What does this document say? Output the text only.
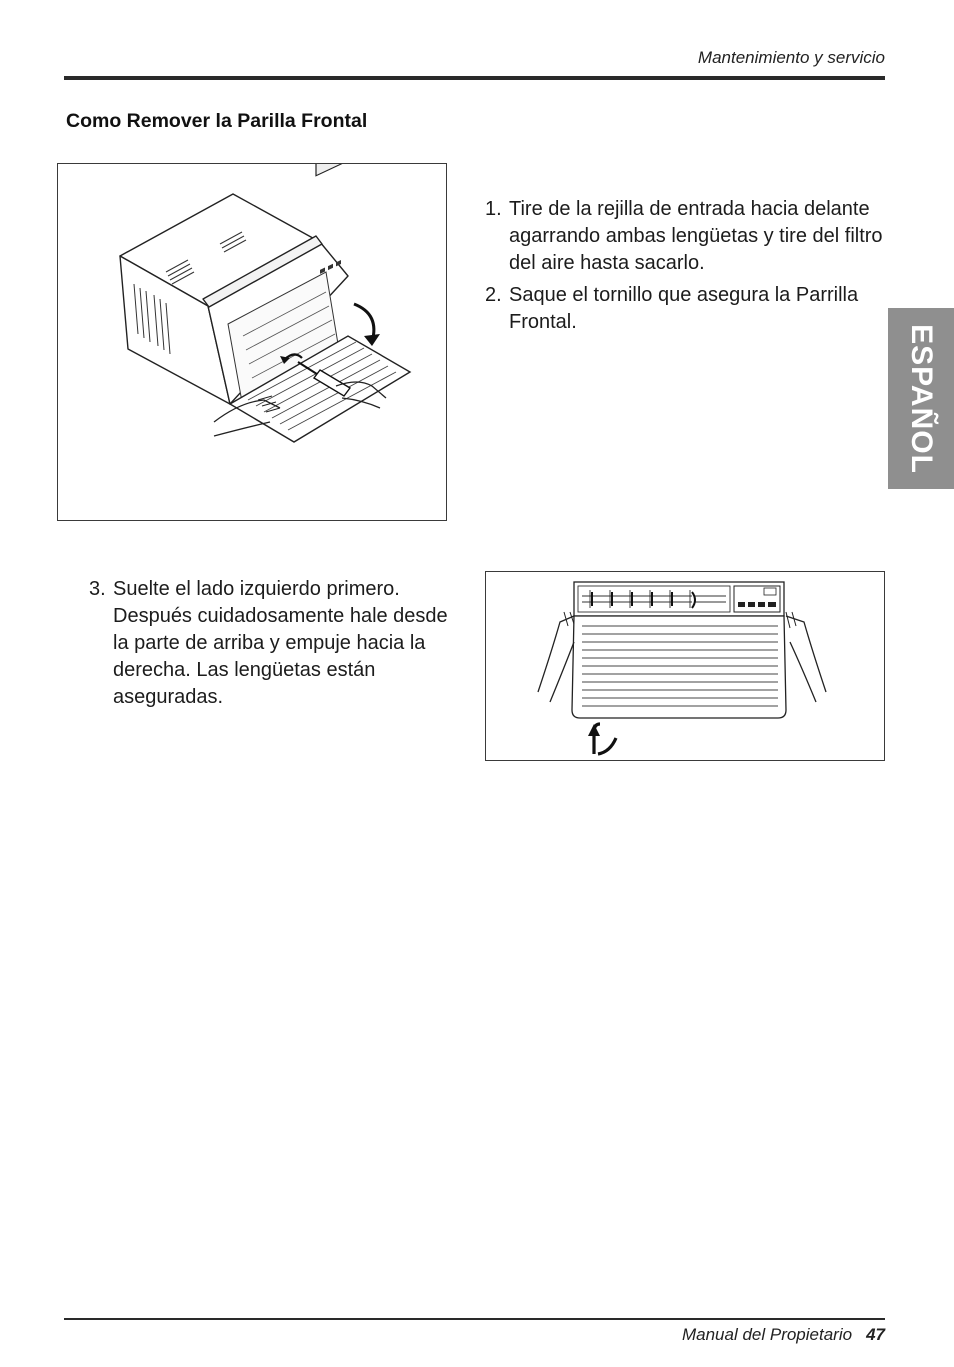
Mantenimiento y servicio
Como Remover la Parilla Frontal
1. Tire de la rejilla de entrada hacia delante agarrando ambas lengüetas y tire del filtro del aire hasta sacarlo.
2. Saque el tornillo que asegura la Parrilla Frontal.
3. Suelte el lado izquierdo primero. Después cuidadosamente hale desde la parte de arriba y empuje hacia la derecha. Las lengüetas están aseguradas.
ESPAÑOL
Manual del Propietario 47
